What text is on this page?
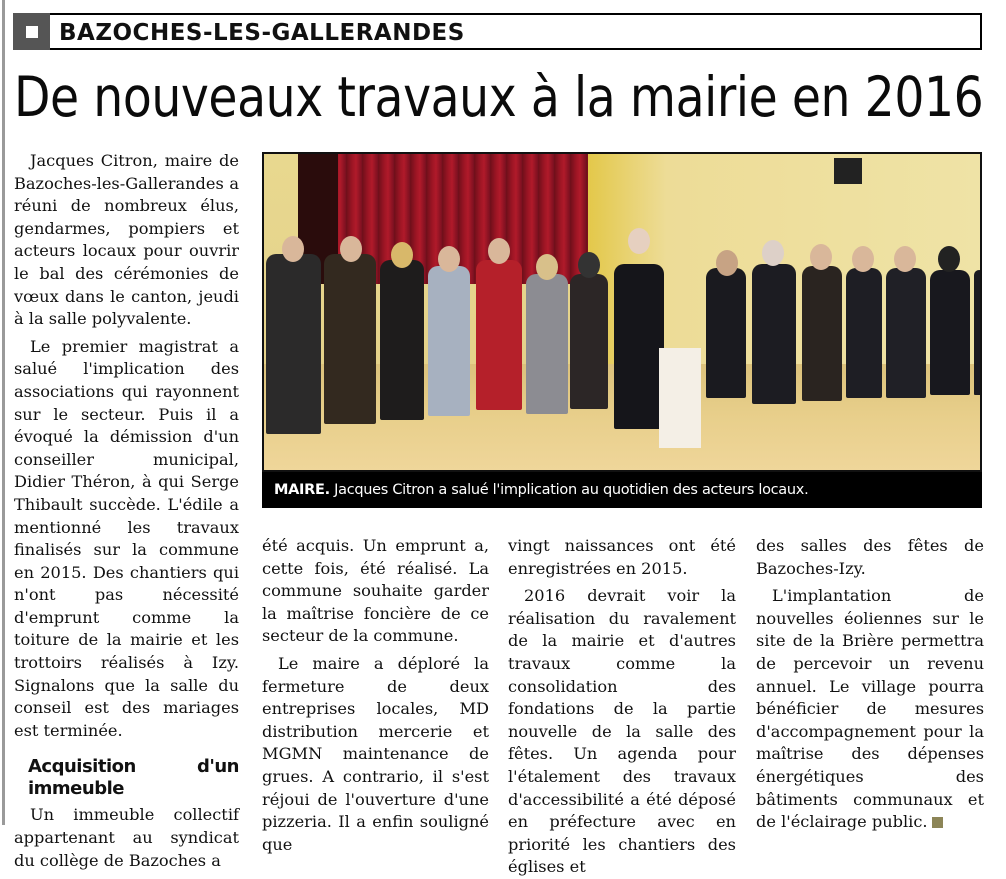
BAZOCHES-LES-GALLERANDES
De nouveaux travaux à la mairie en 2016

Jacques Citron, maire de Bazoches-les-Gallerandes a réuni de nombreux élus, gendarmes, pompiers et acteurs locaux pour ouvrir le bal des cérémonies de vœux dans le canton, jeudi à la salle polyvalente.

Le premier magistrat a salué l'implication des associations qui rayonnent sur le secteur. Puis il a évoqué la démission d'un conseiller municipal, Didier Théron, à qui Serge Thibault succède. L'édile a mentionné les travaux finalisés sur la commune en 2015. Des chantiers qui n'ont pas nécessité d'emprunt comme la toiture de la mairie et les trottoirs réalisés à Izy. Signalons que la salle du conseil est des mariages est terminée.

Acquisition d'un immeuble

Un immeuble collectif appartenant au syndicat du collège de Bazoches a

MAIRE. Jacques Citron a salué l'implication au quotidien des acteurs locaux.

été acquis. Un emprunt a, cette fois, été réalisé. La commune souhaite garder la maîtrise foncière de ce secteur de la commune.

Le maire a déploré la fermeture de deux entreprises locales, MD distribution mercerie et MGMN maintenance de grues. A contrario, il s'est réjoui de l'ouverture d'une pizzeria. Il a enfin souligné que

vingt naissances ont été enregistrées en 2015.

2016 devrait voir la réalisation du ravalement de la mairie et d'autres travaux comme la consolidation des fondations de la partie nouvelle de la salle des fêtes. Un agenda pour l'étalement des travaux d'accessibilité a été déposé en préfecture avec en priorité les chantiers des églises et

des salles des fêtes de Bazoches-Izy.

L'implantation de nouvelles éoliennes sur le site de la Brière permettra de percevoir un revenu annuel. Le village pourra bénéficier de mesures d'accompagnement pour la maîtrise des dépenses énergétiques des bâtiments communaux et de l'éclairage public.
